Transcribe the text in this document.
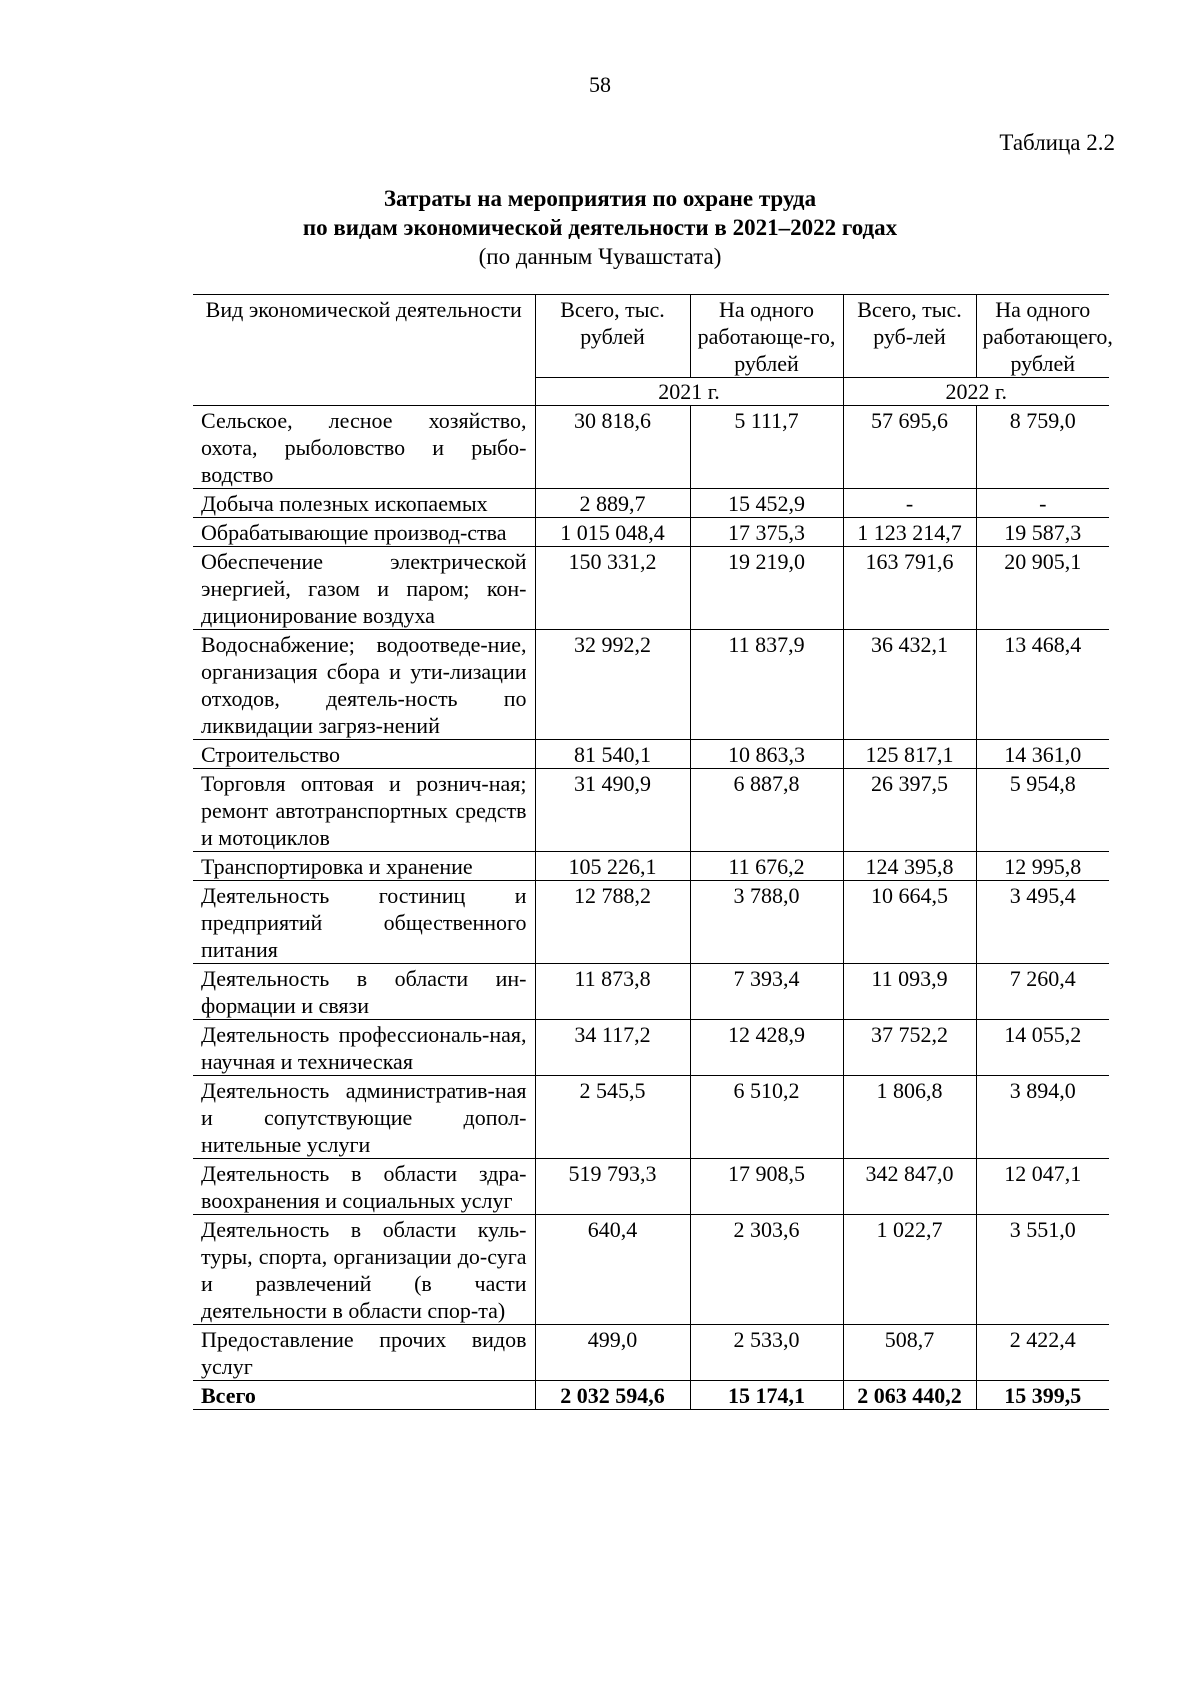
58
Таблица 2.2
Затраты на мероприятия по охране труда
по видам экономической деятельности в 2021–2022 годах
(по данным Чувашстата)
Вид экономической деятельности	Всего, тыс. рублей	На одного работающе-го, рублей	Всего, тыс. руб-лей	На одного работающего, рублей
	2021 г.		2022 г.	
Сельское, лесное хозяйство, охота, рыболовство и рыбо-водство	30 818,6	5 111,7	57 695,6	8 759,0
Добыча полезных ископаемых	2 889,7	15 452,9	-	-
Обрабатывающие производ-ства	1 015 048,4	17 375,3	1 123 214,7	19 587,3
Обеспечение электрической энергией, газом и паром; кон-диционирование воздуха	150 331,2	19 219,0	163 791,6	20 905,1
Водоснабжение; водоотведе-ние, организация сбора и ути-лизации отходов, деятель-ность по ликвидации загряз-нений	32 992,2	11 837,9	36 432,1	13 468,4
Строительство	81 540,1	10 863,3	125 817,1	14 361,0
Торговля оптовая и рознич-ная; ремонт автотранспортных средств и мотоциклов	31 490,9	6 887,8	26 397,5	5 954,8
Транспортировка и хранение	105 226,1	11 676,2	124 395,8	12 995,8
Деятельность гостиниц и предприятий общественного питания	12 788,2	3 788,0	10 664,5	3 495,4
Деятельность в области ин-формации и связи	11 873,8	7 393,4	11 093,9	7 260,4
Деятельность профессиональ-ная, научная и техническая	34 117,2	12 428,9	37 752,2	14 055,2
Деятельность административ-ная и сопутствующие допол-нительные услуги	2 545,5	6 510,2	1 806,8	3 894,0
Деятельность в области здра-воохранения и социальных услуг	519 793,3	17 908,5	342 847,0	12 047,1
Деятельность в области куль-туры, спорта, организации до-суга и развлечений (в части деятельности в области спор-та)	640,4	2 303,6	1 022,7	3 551,0
Предоставление прочих видов услуг	499,0	2 533,0	508,7	2 422,4
Всего	2 032 594,6	15 174,1	2 063 440,2	15 399,5
